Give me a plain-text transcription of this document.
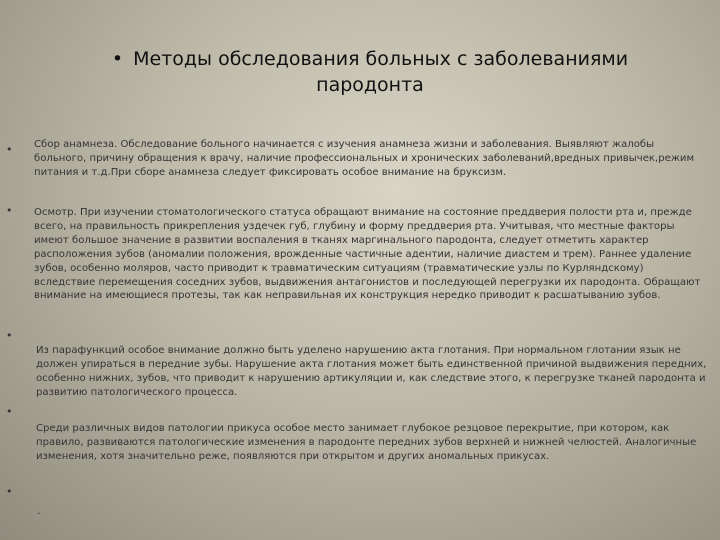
• Методы обследования больных с заболеваниями
пародонта
•
•
•
•
•
Сбор анамнеза. Обследование больного начинается с изучения анамнеза жизни и заболевания. Выявляют жалобы больного, причину обращения к врачу, наличие профессиональных и хронических заболеваний,вредных привычек,режим питания и т.д.При сборе анамнеза следует фиксировать особое внимание на бруксизм.
Осмотр. При изучении стоматологического статуса обращают внимание на состояние преддверия полости рта и, прежде всего, на правильность прикрепления уздечек губ, глубину и форму преддверия рта. Учитывая, что местные факторы имеют большое значение в развитии воспаления в тканях маргинального пародонта, следует отметить характер расположения зубов (аномалии положения, врожденные частичные адентии, наличие диастем и трем). Раннее удаление зубов, особенно моляров, часто приводит к травматическим ситуациям (травматические узлы по Курляндскому) вследствие перемещения соседних зубов, выдвижения антагонистов и последующей перегрузки их пародонта. Обращают внимание на имеющиеся протезы, так как неправильная их конструкция нередко приводит к расшатыванию зубов.
Из парафункций особое внимание должно быть уделено нарушению акта глотания. При нормальном глотании язык не должен упираться в передние зубы. Нарушение акта глотания может быть единственной причиной выдвижения передних, особенно нижних, зубов, что приводит к нарушению артикуляции и, как следствие этого, к перегрузке тканей пародонта и развитию патологического процесса.
Среди различных видов патологии прикуса особое место занимает глубокое резцовое перекрытие, при котором, как правило, развиваются патологические изменения в пародонте передних зубов верхней и нижней челюстей. Аналогичные изменения, хотя значительно реже, появляются при открытом и других аномальных прикусах.
.
